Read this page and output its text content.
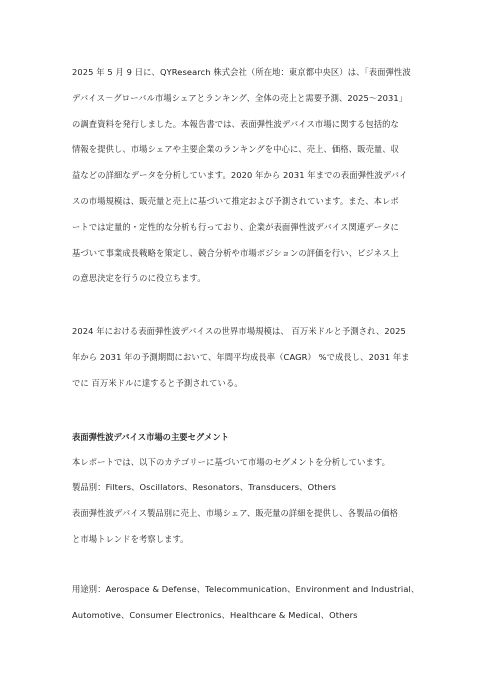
2025 年 5 月 9 日に、QYResearch 株式会社（所在地：東京都中央区）は、「表面弾性波
デバイス－グローバル市場シェアとランキング、全体の売上と需要予測、2025～2031」
の調査資料を発行しました。本報告書では、表面弾性波デバイス市場に関する包括的な
情報を提供し、市場シェアや主要企業のランキングを中心に、売上、価格、販売量、収
益などの詳細なデータを分析しています。2020 年から 2031 年までの表面弾性波デバイ
スの市場規模は、販売量と売上に基づいて推定および予測されています。また、本レポ
ートでは定量的・定性的な分析も行っており、企業が表面弾性波デバイス関連データに
基づいて事業成長戦略を策定し、競合分析や市場ポジションの評価を行い、ビジネス上
の意思決定を行うのに役立ちます。

2024 年における表面弾性波デバイスの世界市場規模は、 百万米ドルと予測され、2025
年から 2031 年の予測期間において、年間平均成長率（CAGR） %で成長し、2031 年ま
でに 百万米ドルに達すると予測されている。

表面弾性波デバイス市場の主要セグメント

本レポートでは、以下のカテゴリーに基づいて市場のセグメントを分析しています。
製品別：Filters、Oscillators、Resonators、Transducers、Others
表面弾性波デバイス製品別に売上、市場シェア、販売量の詳細を提供し、各製品の価格
と市場トレンドを考察します。

用途別：Aerospace & Defense、Telecommunication、Environment and Industrial、
Automotive、Consumer Electronics、Healthcare & Medical、Others
